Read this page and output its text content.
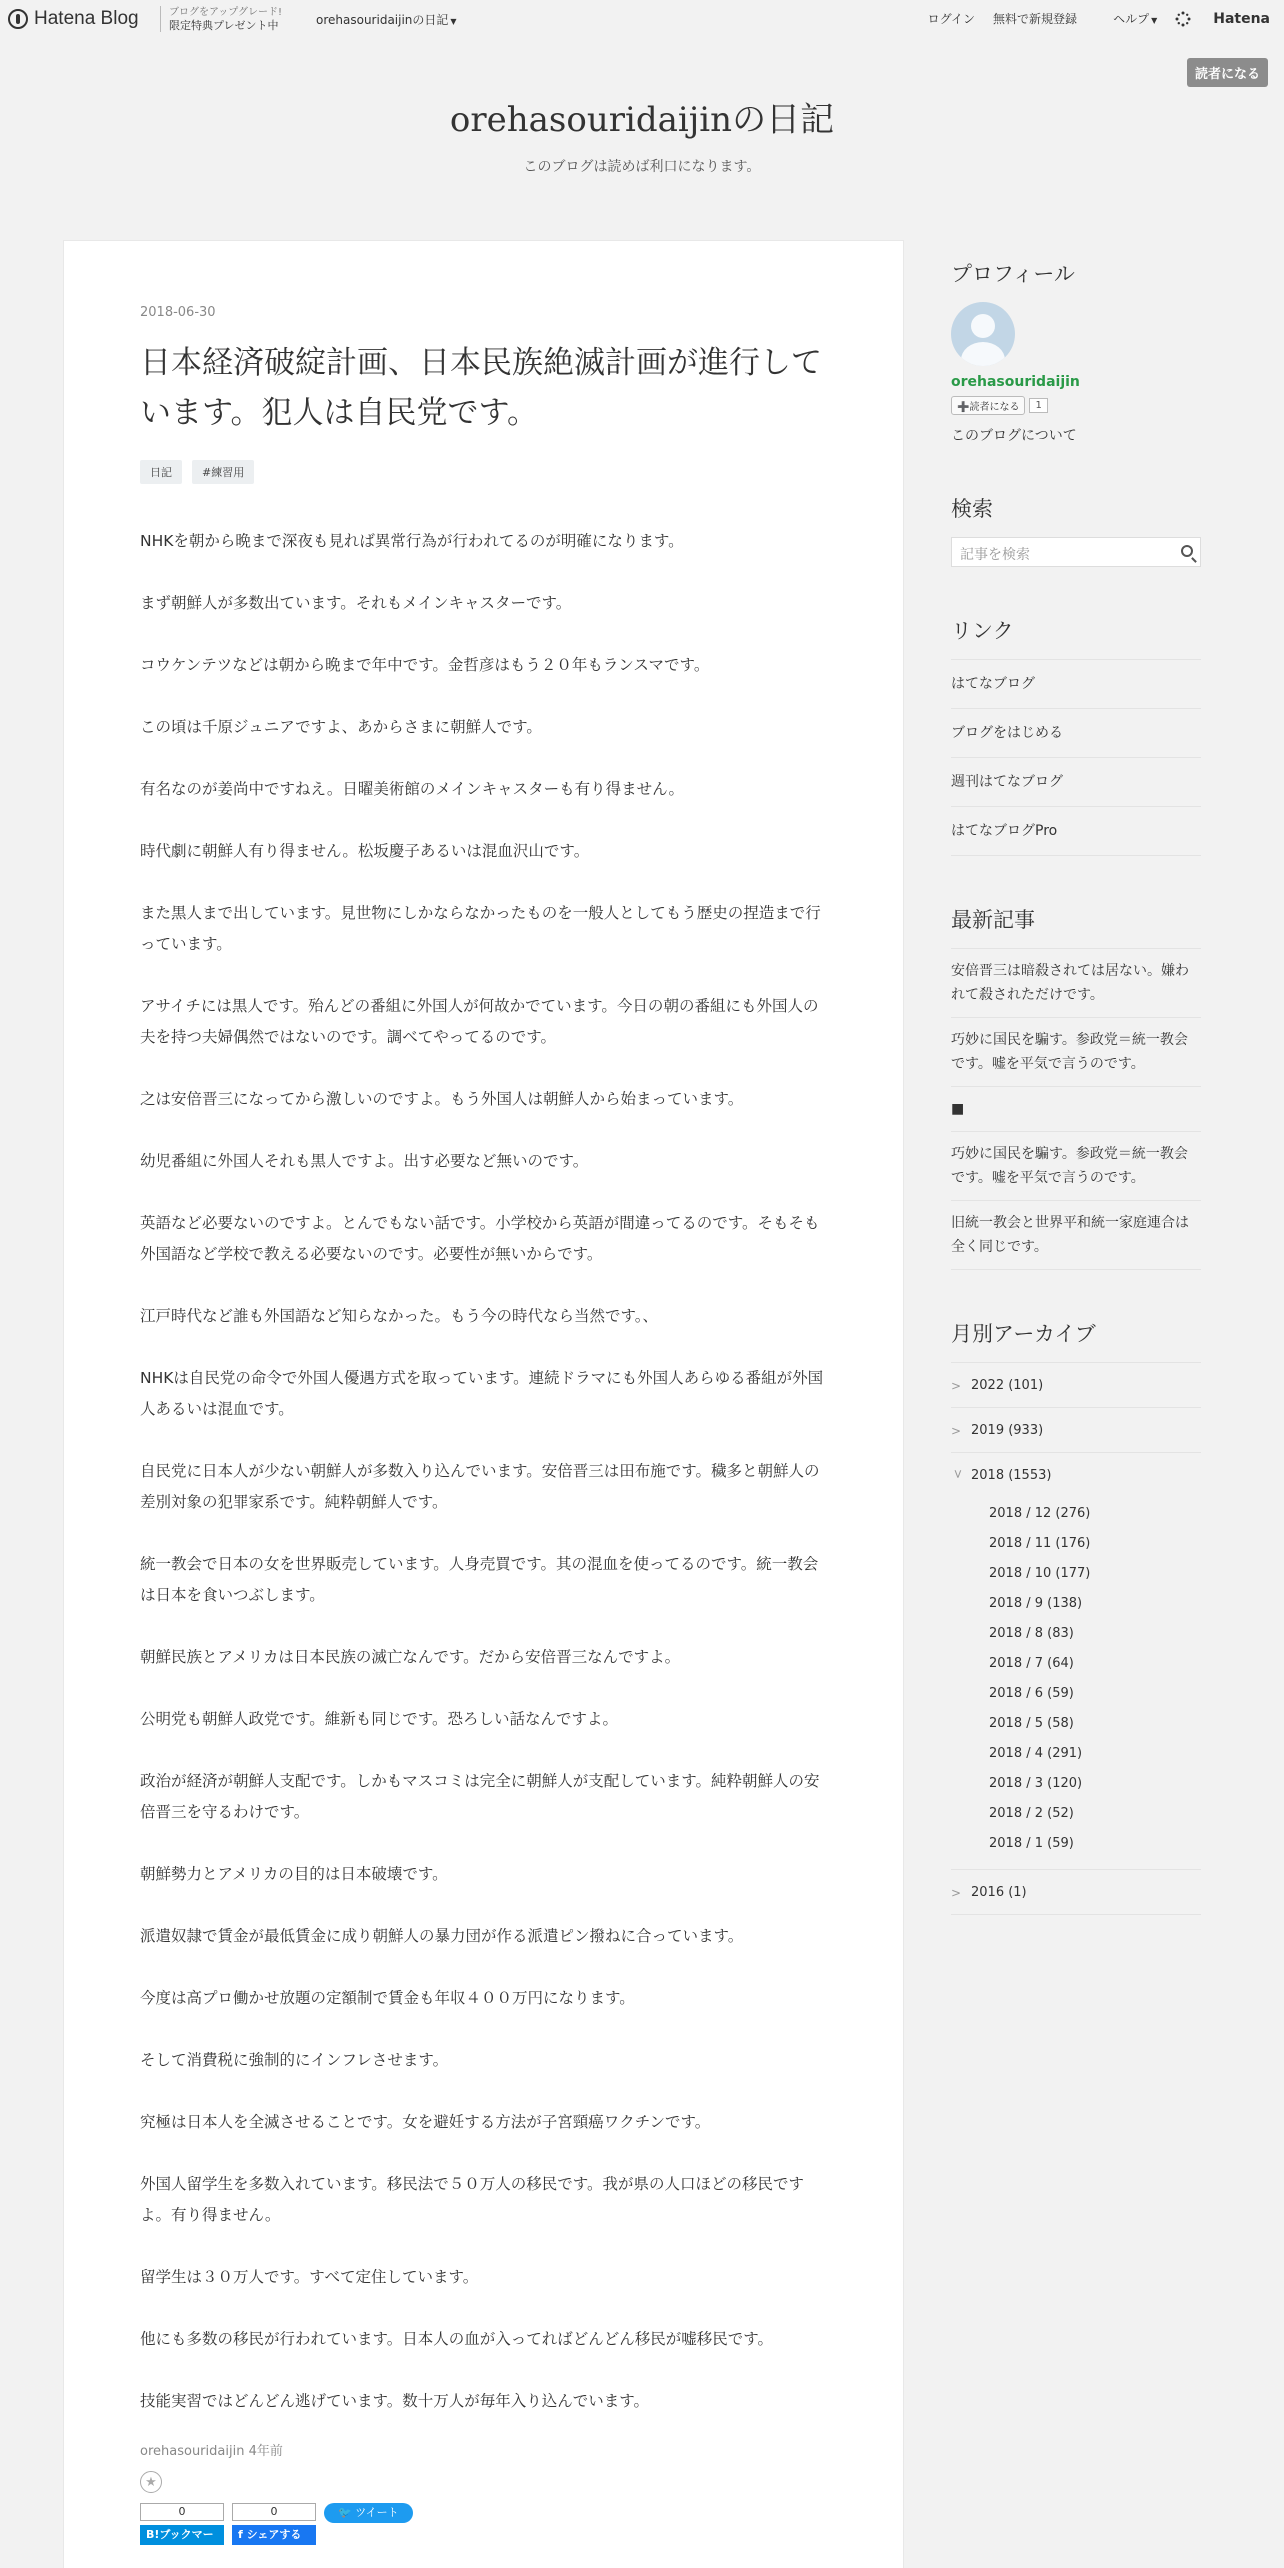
Hatena Blog	ブログをアップグレード!
限定特典プレゼント中	orehasouridaijinの日記 ▼	ログイン 無料で新規登録	ヘルプ ▼	Hatena
読者になる
orehasouridaijinの日記
このブログは読めば利口になります。
2018-06-30
日本経済破綻計画、日本民族絶滅計画が進行しています。犯人は自民党です。
日記	#練習用

NHKを朝から晩まで深夜も見れば異常行為が行われてるのが明確になります。

まず朝鮮人が多数出ています。それもメインキャスターです。

コウケンテツなどは朝から晩まで年中です。金哲彦はもう２０年もランスマです。

この頃は千原ジュニアですよ、あからさまに朝鮮人です。

有名なのが姜尚中ですねえ。日曜美術館のメインキャスターも有り得ません。

時代劇に朝鮮人有り得ません。松坂慶子あるいは混血沢山です。

また黒人まで出しています。見世物にしかならなかったものを一般人としてもう歴史の捏造まで行っています。

アサイチには黒人です。殆んどの番組に外国人が何故かでています。今日の朝の番組にも外国人の夫を持つ夫婦偶然ではないのです。調べてやってるのです。

之は安倍晋三になってから激しいのですよ。もう外国人は朝鮮人から始まっています。

幼児番組に外国人それも黒人ですよ。出す必要など無いのです。

英語など必要ないのですよ。とんでもない話です。小学校から英語が間違ってるのです。そもそも外国語など学校で教える必要ないのです。必要性が無いからです。

江戸時代など誰も外国語など知らなかった。もう今の時代なら当然です。、

NHKは自民党の命令で外国人優遇方式を取っています。連続ドラマにも外国人あらゆる番組が外国人あるいは混血です。

自民党に日本人が少ない朝鮮人が多数入り込んでいます。安倍晋三は田布施です。穢多と朝鮮人の差別対象の犯罪家系です。純粋朝鮮人です。

統一教会で日本の女を世界販売しています。人身売買です。其の混血を使ってるのです。統一教会は日本を食いつぶします。

朝鮮民族とアメリカは日本民族の滅亡なんです。だから安倍晋三なんですよ。

公明党も朝鮮人政党です。維新も同じです。恐ろしい話なんですよ。

政治が経済が朝鮮人支配です。しかもマスコミは完全に朝鮮人が支配しています。純粋朝鮮人の安倍晋三を守るわけです。

朝鮮勢力とアメリカの目的は日本破壊です。

派遣奴隷で賃金が最低賃金に成り朝鮮人の暴力団が作る派遣ピン撥ねに合っています。

今度は高プロ働かせ放題の定額制で賃金も年収４００万円になります。

そして消費税に強制的にインフレさせます。

究極は日本人を全滅させることです。女を避妊する方法が子宮頸癌ワクチンです。

外国人留学生を多数入れています。移民法で５０万人の移民です。我が県の人口ほどの移民ですよ。有り得ません。

留学生は３０万人です。すべて定住しています。

他にも多数の移民が行われています。日本人の血が入ってればどんどん移民が嘘移民です。

技能実習ではどんどん逃げています。数十万人が毎年入り込んでいます。

orehasouridaijin 4年前
★
0
B!ブックマーク
0
f シェアする
🐦 ツイート
プロフィール
orehasouridaijin
➕読者になる	1
このブログについて
検索
記事を検索
リンク
はてなブログ
ブログをはじめる
週刊はてなブログ
はてなブログPro
最新記事
安倍晋三は暗殺されては居ない。嫌われて殺されただけです。
巧妙に国民を騙す。参政党＝統一教会です。嘘を平気で言うのです。
■
巧妙に国民を騙す。参政党＝統一教会です。嘘を平気で言うのです。
旧統一教会と世界平和統一家庭連合は全く同じです。
月別アーカイブ
> 2022 (101)
> 2019 (933)
> 2018 (1553)
2018 / 12 (276)
2018 / 11 (176)
2018 / 10 (177)
2018 / 9 (138)
2018 / 8 (83)
2018 / 7 (64)
2018 / 6 (59)
2018 / 5 (58)
2018 / 4 (291)
2018 / 3 (120)
2018 / 2 (52)
2018 / 1 (59)
> 2016 (1)
